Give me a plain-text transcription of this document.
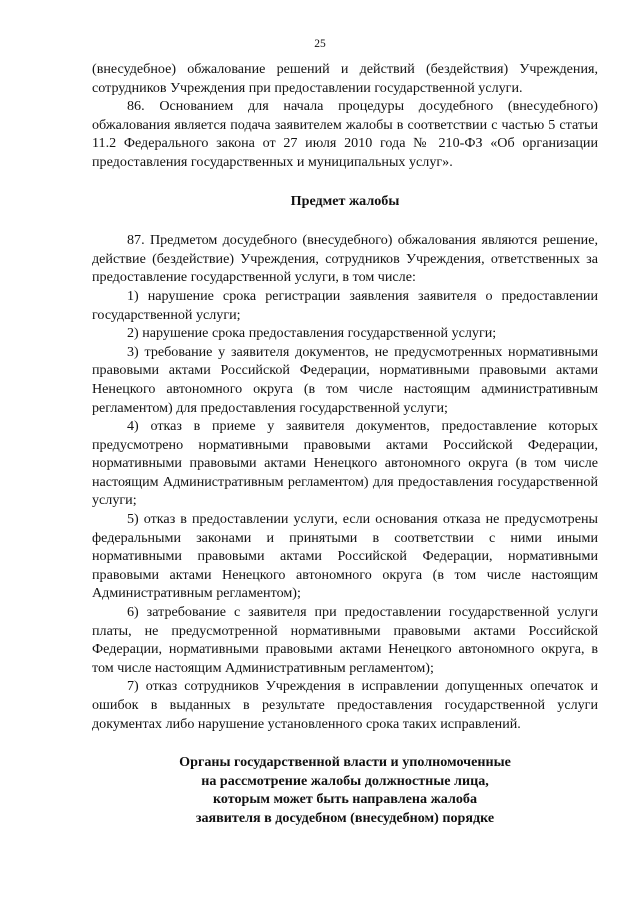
25

(внесудебное) обжалование решений и действий (бездействия) Учреждения, сотрудников Учреждения при предоставлении государственной услуги.

86. Основанием для начала процедуры досудебного (внесудебного) обжалования является подача заявителем жалобы в соответствии с частью 5 статьи 11.2 Федерального закона от 27 июля 2010 года № 210-ФЗ «Об организации предоставления государственных и муниципальных услуг».

Предмет жалобы

87. Предметом досудебного (внесудебного) обжалования являются решение, действие (бездействие) Учреждения, сотрудников Учреждения, ответственных за предоставление государственной услуги, в том числе:

1) нарушение срока регистрации заявления заявителя о предоставлении государственной услуги;

2) нарушение срока предоставления государственной услуги;

3) требование у заявителя документов, не предусмотренных нормативными правовыми актами Российской Федерации, нормативными правовыми актами Ненецкого автономного округа (в том числе настоящим административным регламентом) для предоставления государственной услуги;

4) отказ в приеме у заявителя документов, предоставление которых предусмотрено нормативными правовыми актами Российской Федерации, нормативными правовыми актами Ненецкого автономного округа (в том числе настоящим Административным регламентом) для предоставления государственной услуги;

5) отказ в предоставлении услуги, если основания отказа не предусмотрены федеральными законами и принятыми в соответствии с ними иными нормативными правовыми актами Российской Федерации, нормативными правовыми актами Ненецкого автономного округа (в том числе настоящим Административным регламентом);

6) затребование с заявителя при предоставлении государственной услуги платы, не предусмотренной нормативными правовыми актами Российской Федерации, нормативными правовыми актами Ненецкого автономного округа, в том числе настоящим Административным регламентом);

7) отказ сотрудников Учреждения в исправлении допущенных опечаток и ошибок в выданных в результате предоставления государственной услуги документах либо нарушение установленного срока таких исправлений.

Органы государственной власти и уполномоченные
на рассмотрение жалобы должностные лица,
которым может быть направлена жалоба
заявителя в досудебном (внесудебном) порядке
